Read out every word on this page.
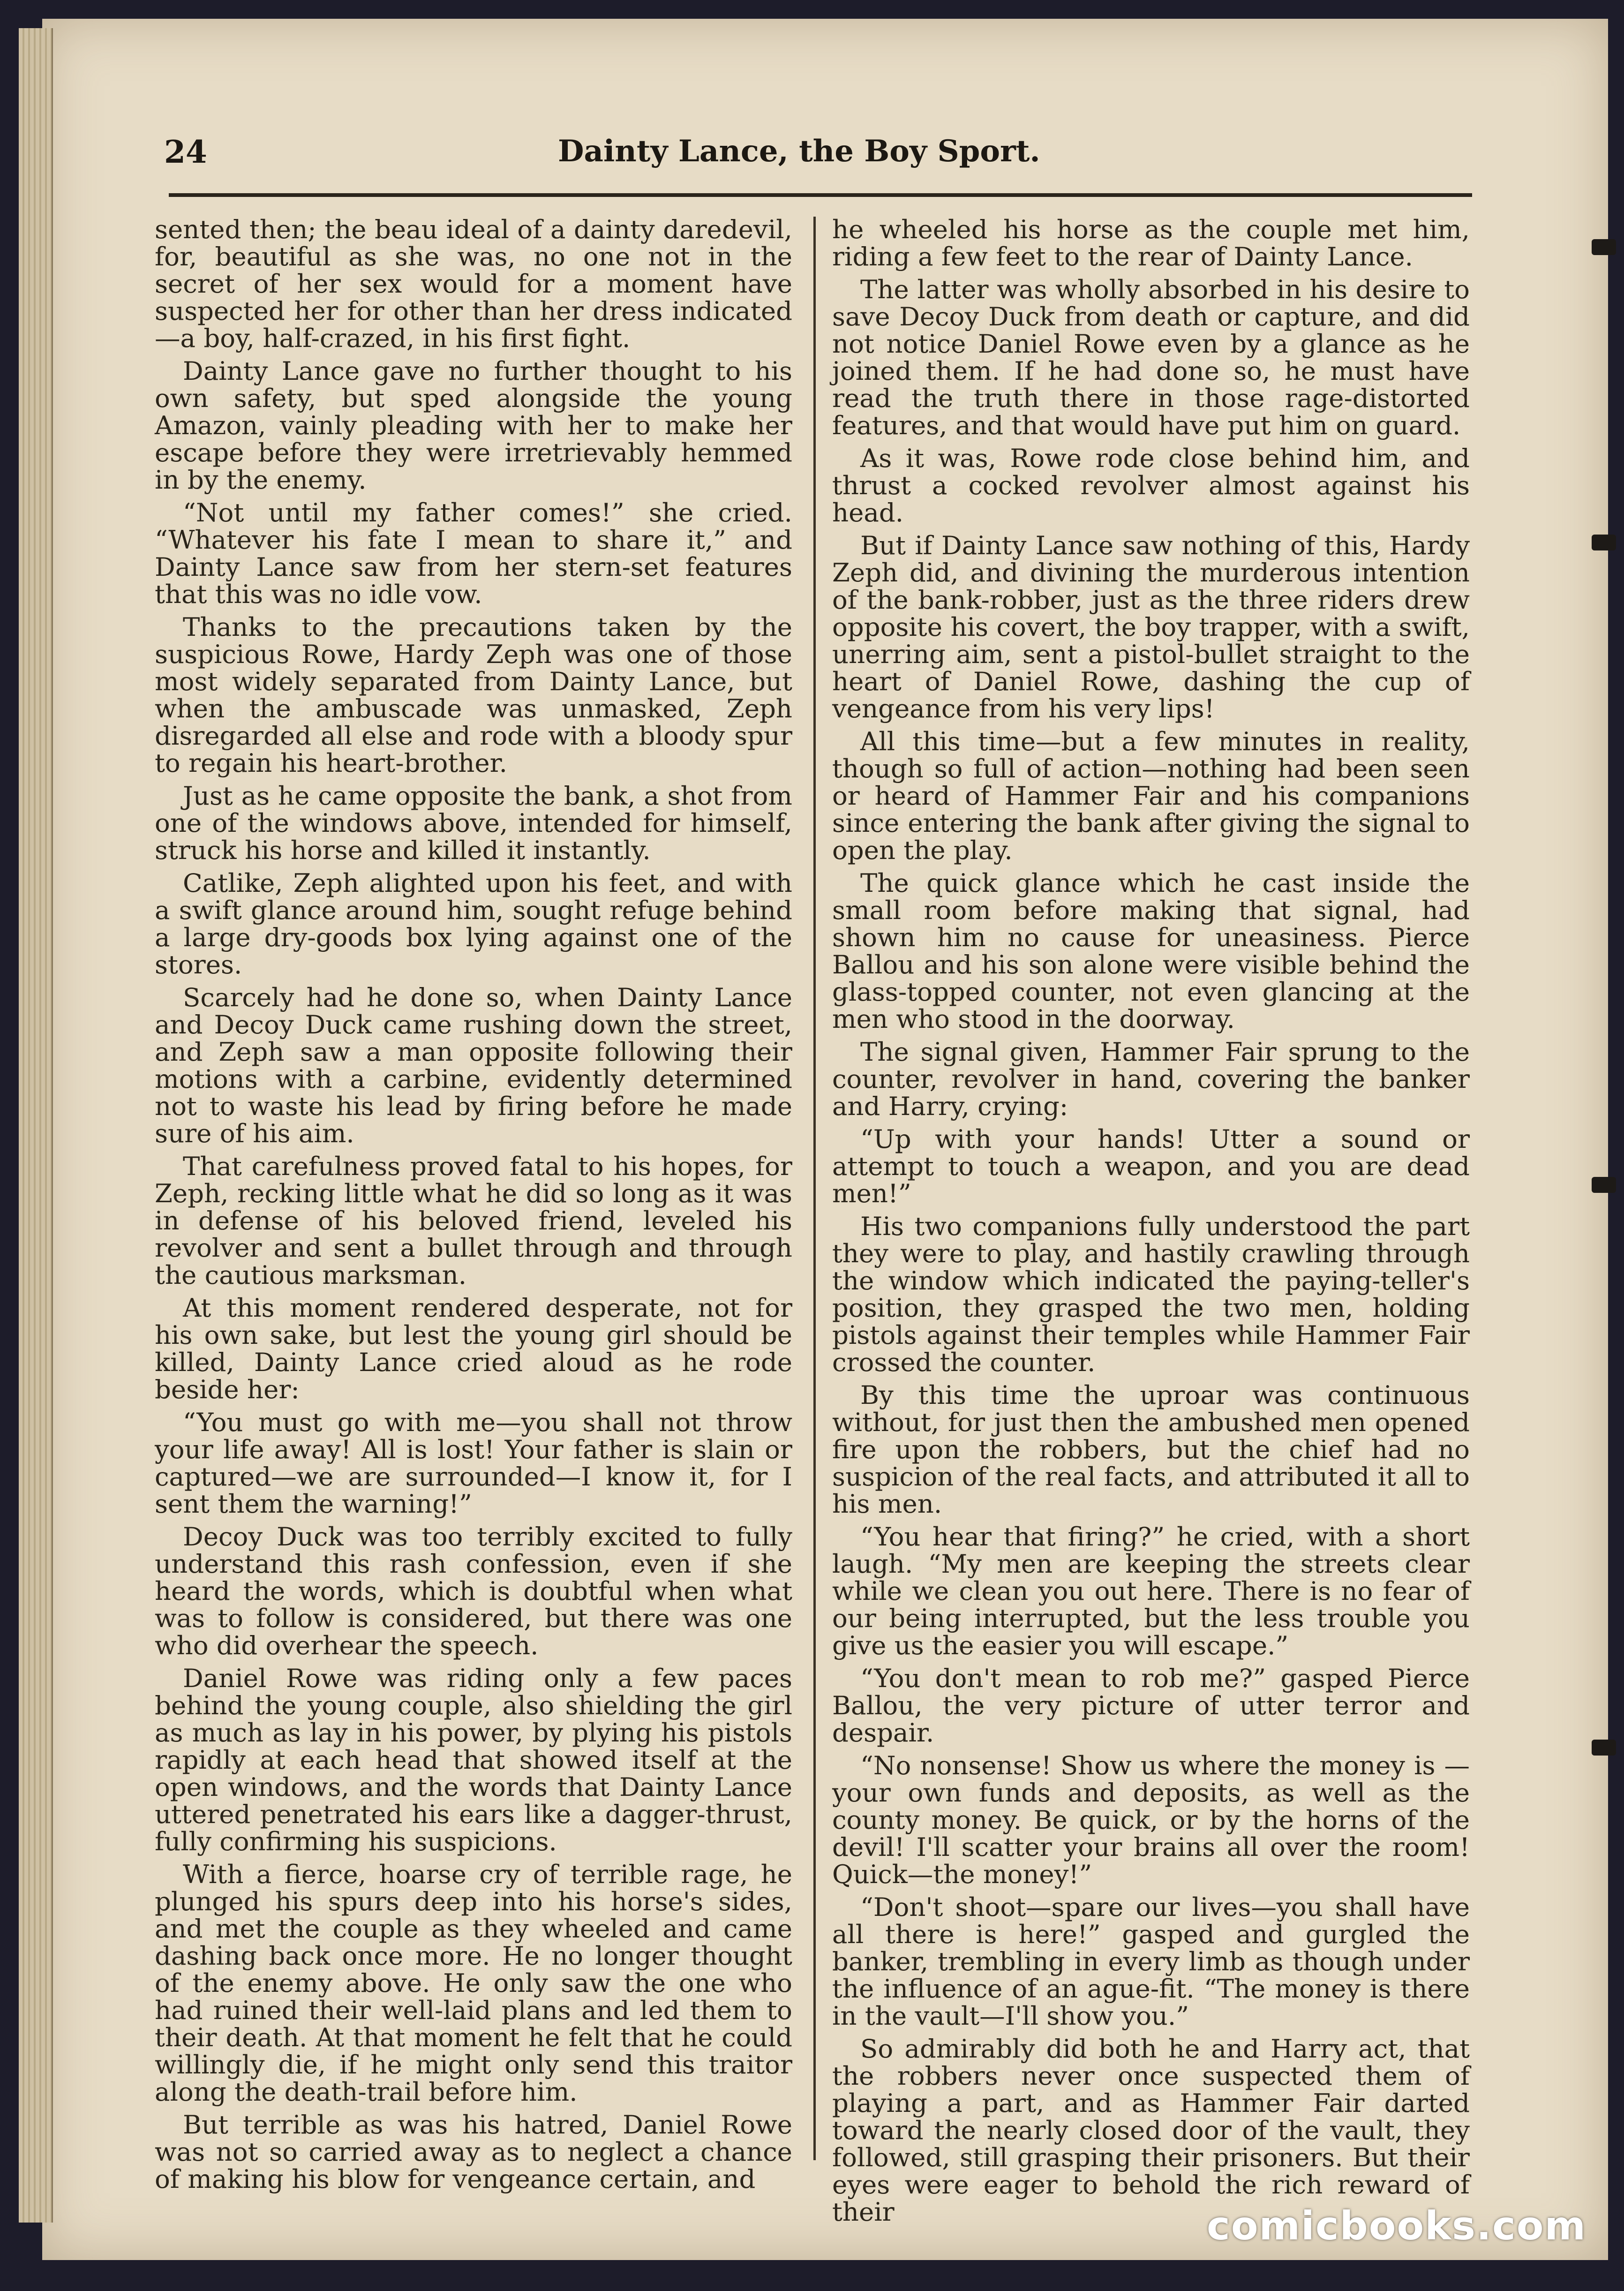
24	Dainty Lance, the Boy Sport.

sented then; the beau ideal of a dainty daredevil, for, beautiful as she was, no one not in the secret of her sex would for a moment have suspected her for other than her dress indicated—a boy, half-crazed, in his first fight.

Dainty Lance gave no further thought to his own safety, but sped alongside the young Amazon, vainly pleading with her to make her escape before they were irretrievably hemmed in by the enemy.

“Not until my father comes!” she cried. “Whatever his fate I mean to share it,” and Dainty Lance saw from her stern-set features that this was no idle vow.

Thanks to the precautions taken by the suspicious Rowe, Hardy Zeph was one of those most widely separated from Dainty Lance, but when the ambuscade was unmasked, Zeph disregarded all else and rode with a bloody spur to regain his heart-brother.

Just as he came opposite the bank, a shot from one of the windows above, intended for himself, struck his horse and killed it instantly.

Catlike, Zeph alighted upon his feet, and with a swift glance around him, sought refuge behind a large dry-goods box lying against one of the stores.

Scarcely had he done so, when Dainty Lance and Decoy Duck came rushing down the street, and Zeph saw a man opposite following their motions with a carbine, evidently determined not to waste his lead by firing before he made sure of his aim.

That carefulness proved fatal to his hopes, for Zeph, recking little what he did so long as it was in defense of his beloved friend, leveled his revolver and sent a bullet through and through the cautious marksman.

At this moment rendered desperate, not for his own sake, but lest the young girl should be killed, Dainty Lance cried aloud as he rode beside her:

“You must go with me—you shall not throw your life away! All is lost! Your father is slain or captured—we are surrounded—I know it, for I sent them the warning!”

Decoy Duck was too terribly excited to fully understand this rash confession, even if she heard the words, which is doubtful when what was to follow is considered, but there was one who did overhear the speech.

Daniel Rowe was riding only a few paces behind the young couple, also shielding the girl as much as lay in his power, by plying his pistols rapidly at each head that showed itself at the open windows, and the words that Dainty Lance uttered penetrated his ears like a dagger-thrust, fully confirming his suspicions.

With a fierce, hoarse cry of terrible rage, he plunged his spurs deep into his horse's sides, and met the couple as they wheeled and came dashing back once more. He no longer thought of the enemy above. He only saw the one who had ruined their well-laid plans and led them to their death. At that moment he felt that he could willingly die, if he might only send this traitor along the death-trail before him.

But terrible as was his hatred, Daniel Rowe was not so carried away as to neglect a chance of making his blow for vengeance certain, and

he wheeled his horse as the couple met him, riding a few feet to the rear of Dainty Lance.

The latter was wholly absorbed in his desire to save Decoy Duck from death or capture, and did not notice Daniel Rowe even by a glance as he joined them. If he had done so, he must have read the truth there in those rage-distorted features, and that would have put him on guard.

As it was, Rowe rode close behind him, and thrust a cocked revolver almost against his head.

But if Dainty Lance saw nothing of this, Hardy Zeph did, and divining the murderous intention of the bank-robber, just as the three riders drew opposite his covert, the boy trapper, with a swift, unerring aim, sent a pistol-bullet straight to the heart of Daniel Rowe, dashing the cup of vengeance from his very lips!

All this time—but a few minutes in reality, though so full of action—nothing had been seen or heard of Hammer Fair and his companions since entering the bank after giving the signal to open the play.

The quick glance which he cast inside the small room before making that signal, had shown him no cause for uneasiness. Pierce Ballou and his son alone were visible behind the glass-topped counter, not even glancing at the men who stood in the doorway.

The signal given, Hammer Fair sprung to the counter, revolver in hand, covering the banker and Harry, crying:

“Up with your hands! Utter a sound or attempt to touch a weapon, and you are dead men!”

His two companions fully understood the part they were to play, and hastily crawling through the window which indicated the paying-teller's position, they grasped the two men, holding pistols against their temples while Hammer Fair crossed the counter.

By this time the uproar was continuous without, for just then the ambushed men opened fire upon the robbers, but the chief had no suspicion of the real facts, and attributed it all to his men.

“You hear that firing?” he cried, with a short laugh. “My men are keeping the streets clear while we clean you out here. There is no fear of our being interrupted, but the less trouble you give us the easier you will escape.”

“You don't mean to rob me?” gasped Pierce Ballou, the very picture of utter terror and despair.

“No nonsense! Show us where the money is —your own funds and deposits, as well as the county money. Be quick, or by the horns of the devil! I'll scatter your brains all over the room! Quick—the money!”

“Don't shoot—spare our lives—you shall have all there is here!” gasped and gurgled the banker, trembling in every limb as though under the influence of an ague-fit. “The money is there in the vault—I'll show you.”

So admirably did both he and Harry act, that the robbers never once suspected them of playing a part, and as Hammer Fair darted toward the nearly closed door of the vault, they followed, still grasping their prisoners. But their eyes were eager to behold the rich reward of their	comicbooks.com
